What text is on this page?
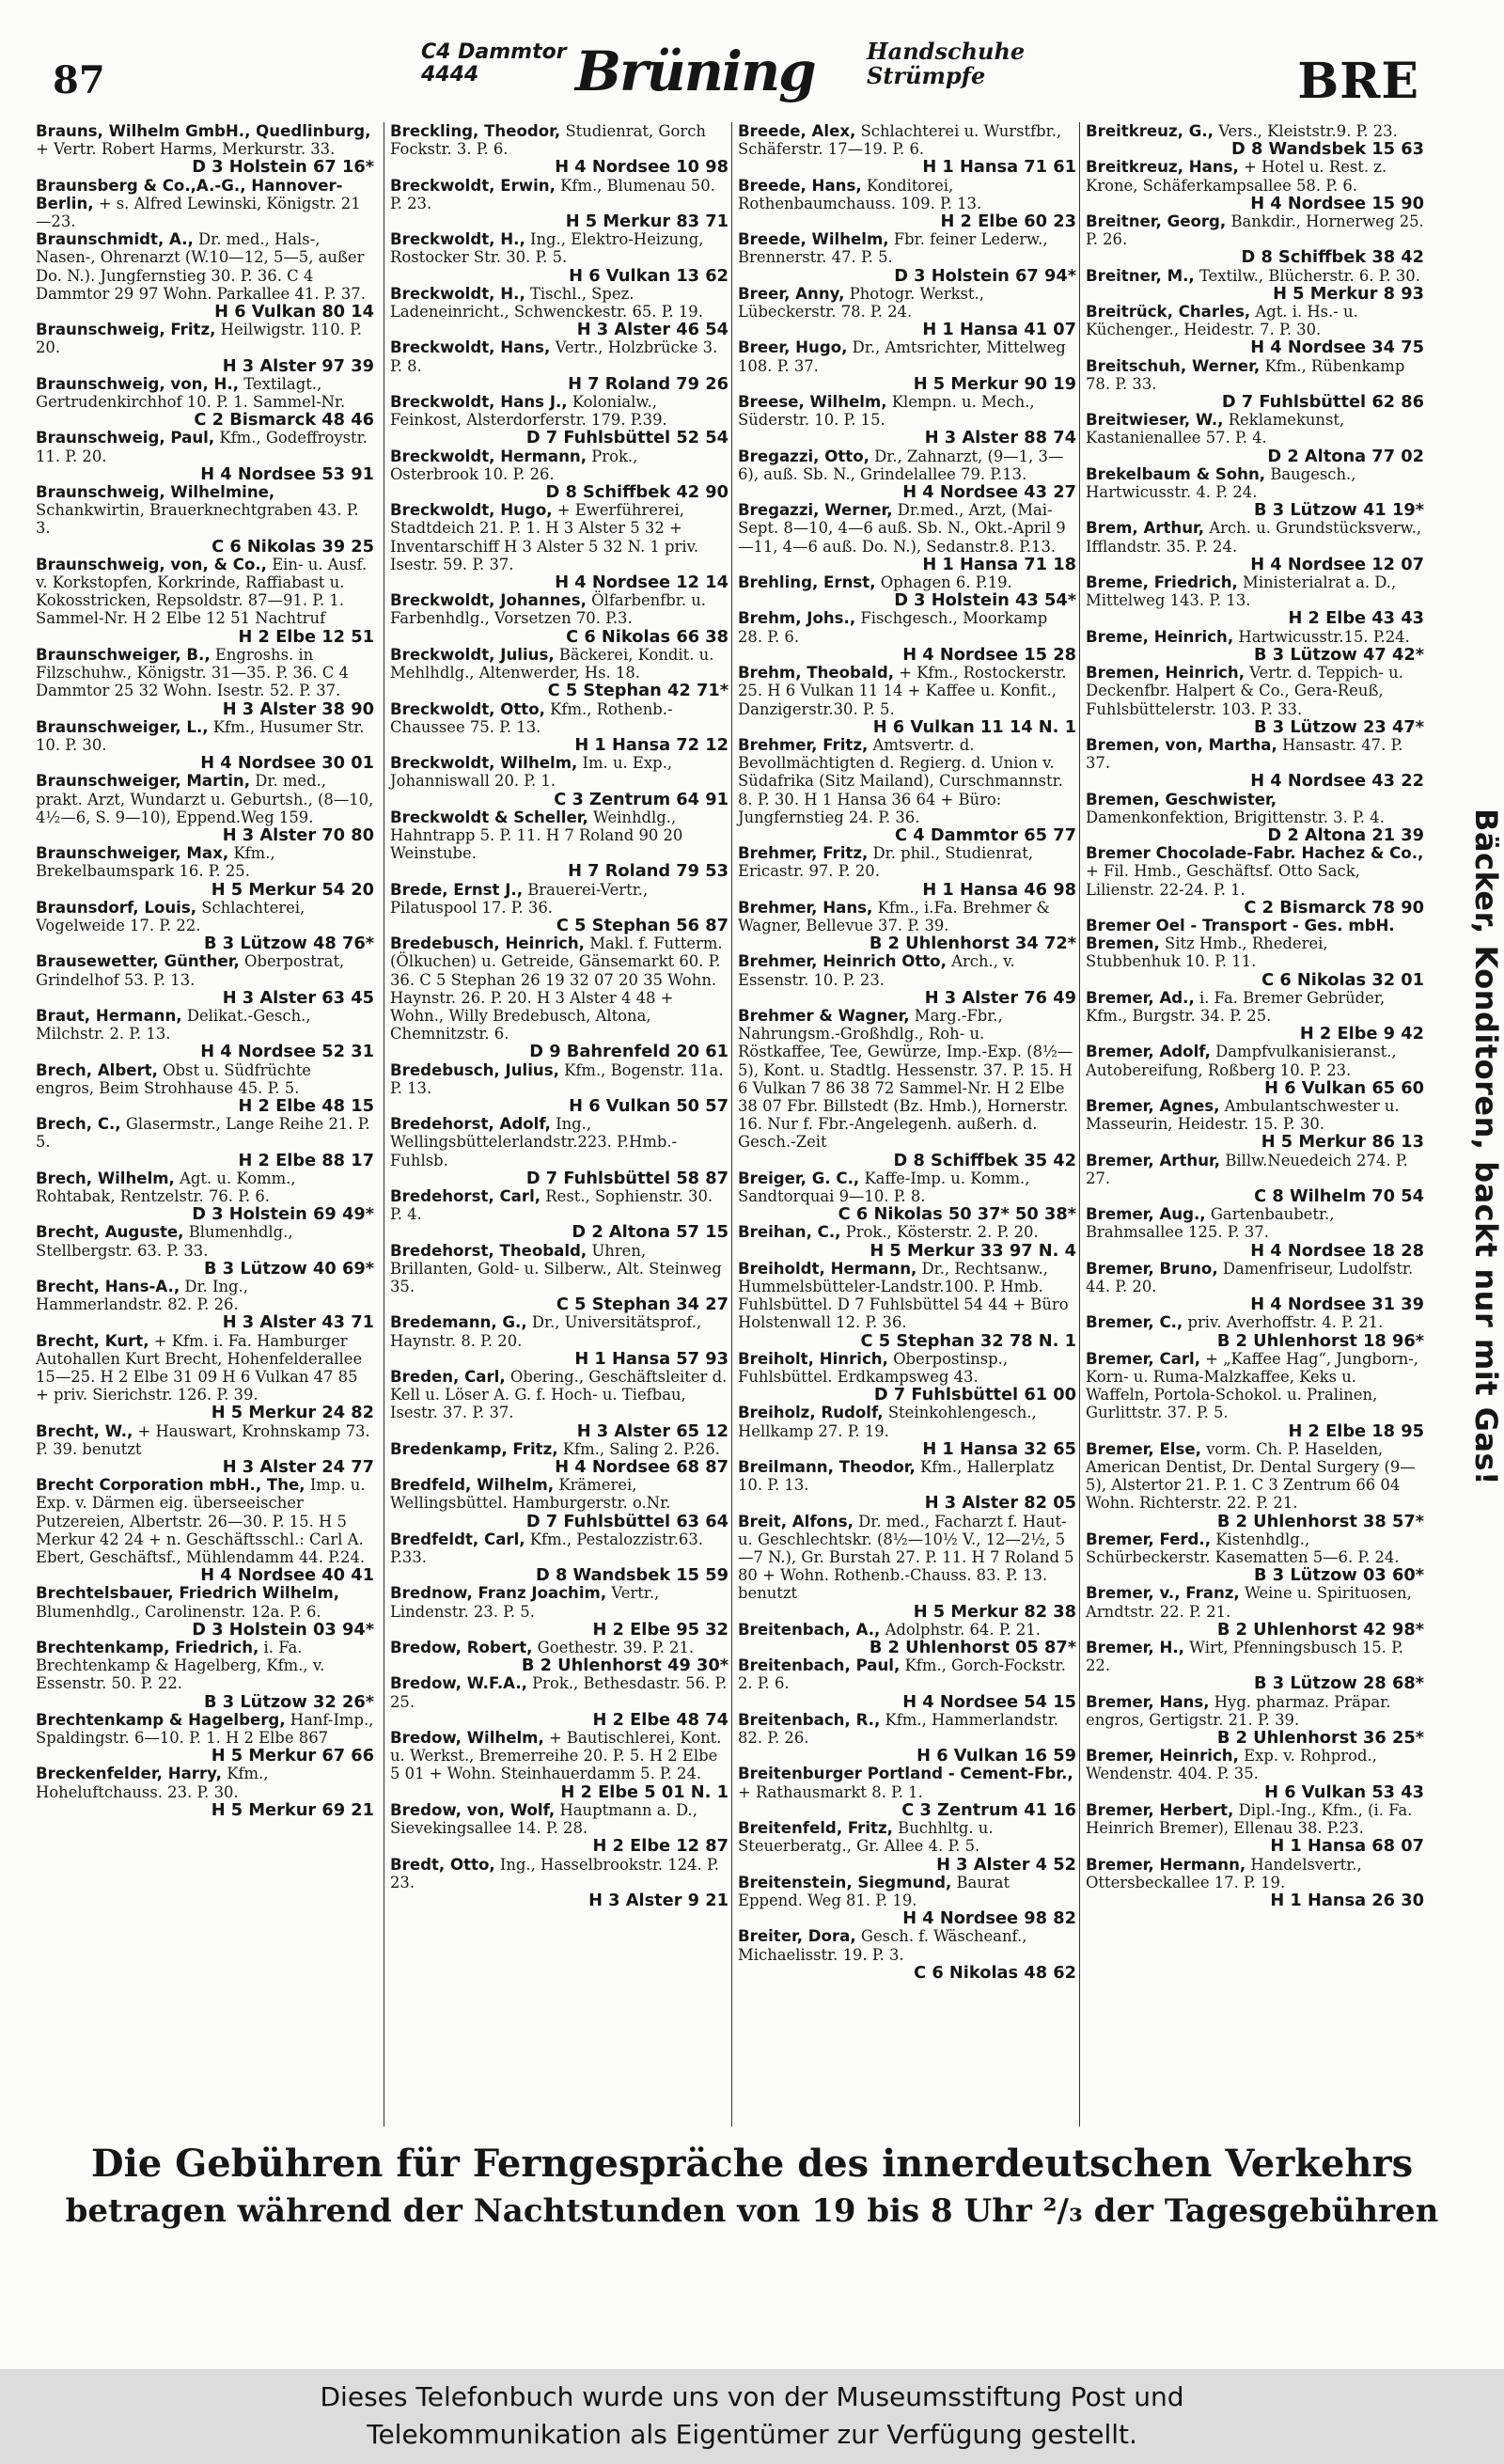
87
C4 Dammtor
4444	Brüning Handschuhe
Strümpfe	BRE
Brauns, Wilhelm GmbH., Quedlinburg, + Vertr. Robert Harms, Merkurstr. 33.
D 3 Holstein 67 16*
Braunsberg & Co.,A.-G., Hannover-Berlin, + s. Alfred Lewinski, Königstr. 21—23.
Braunschmidt, A., Dr. med., Hals-, Nasen-, Ohrenarzt (W.10—12, 5—5, außer Do. N.). Jungfernstieg 30. P. 36. C 4 Dammtor 29 97 Wohn. Parkallee 41. P. 37.
H 6 Vulkan 80 14
Braunschweig, Fritz, Heilwigstr. 110. P. 20.
H 3 Alster 97 39
Braunschweig, von, H., Textilagt., Gertrudenkirchhof 10. P. 1. Sammel-Nr.
C 2 Bismarck 48 46
Braunschweig, Paul, Kfm., Godeffroystr. 11. P. 20.
H 4 Nordsee 53 91
Braunschweig, Wilhelmine, Schankwirtin, Brauerknechtgraben 43. P. 3.
C 6 Nikolas 39 25
Braunschweig, von, & Co., Ein- u. Ausf. v. Korkstopfen, Korkrinde, Raffiabast u. Kokosstricken, Repsoldstr. 87—91. P. 1. Sammel-Nr. H 2 Elbe 12 51 Nachtruf
H 2 Elbe 12 51
Braunschweiger, B., Engroshs. in Filzschuhw., Königstr. 31—35. P. 36. C 4 Dammtor 25 32 Wohn. Isestr. 52. P. 37.
H 3 Alster 38 90
Braunschweiger, L., Kfm., Husumer Str. 10. P. 30.
H 4 Nordsee 30 01
Braunschweiger, Martin, Dr. med., prakt. Arzt, Wundarzt u. Geburtsh., (8—10, 4½—6, S. 9—10), Eppend.Weg 159.
H 3 Alster 70 80
Braunschweiger, Max, Kfm., Brekelbaumspark 16. P. 25.
H 5 Merkur 54 20
Braunsdorf, Louis, Schlachterei, Vogelweide 17. P. 22.
B 3 Lützow 48 76*
Brausewetter, Günther, Oberpostrat, Grindelhof 53. P. 13.
H 3 Alster 63 45
Braut, Hermann, Delikat.-Gesch., Milchstr. 2. P. 13.
H 4 Nordsee 52 31
Brech, Albert, Obst u. Südfrüchte engros, Beim Strohhause 45. P. 5.
H 2 Elbe 48 15
Brech, C., Glasermstr., Lange Reihe 21. P. 5.
H 2 Elbe 88 17
Brech, Wilhelm, Agt. u. Komm., Rohtabak, Rentzelstr. 76. P. 6.
D 3 Holstein 69 49*
Brecht, Auguste, Blumenhdlg., Stellbergstr. 63. P. 33.
B 3 Lützow 40 69*
Brecht, Hans-A., Dr. Ing., Hammerlandstr. 82. P. 26.
H 3 Alster 43 71
Brecht, Kurt, + Kfm. i. Fa. Hamburger Autohallen Kurt Brecht, Hohenfelderallee 15—25. H 2 Elbe 31 09 H 6 Vulkan 47 85 + priv. Sierichstr. 126. P. 39.
H 5 Merkur 24 82
Brecht, W., + Hauswart, Krohnskamp 73. P. 39. benutzt
H 3 Alster 24 77
Brecht Corporation mbH., The, Imp. u. Exp. v. Därmen eig. überseeischer Putzereien, Albertstr. 26—30. P. 15. H 5 Merkur 42 24 + n. Geschäftsschl.: Carl A. Ebert, Geschäftsf., Mühlendamm 44. P.24.
H 4 Nordsee 40 41
Brechtelsbauer, Friedrich Wilhelm, Blumenhdlg., Carolinenstr. 12a. P. 6.
D 3 Holstein 03 94*
Brechtenkamp, Friedrich, i. Fa. Brechtenkamp & Hagelberg, Kfm., v. Essenstr. 50. P. 22.
B 3 Lützow 32 26*
Brechtenkamp & Hagelberg, Hanf-Imp., Spaldingstr. 6—10. P. 1. H 2 Elbe 867
H 5 Merkur 67 66
Breckenfelder, Harry, Kfm., Hoheluftchauss. 23. P. 30.
H 5 Merkur 69 21
Breckling, Theodor, Studienrat, Gorch Fockstr. 3. P. 6.
H 4 Nordsee 10 98
Breckwoldt, Erwin, Kfm., Blumenau 50. P. 23.
H 5 Merkur 83 71
Breckwoldt, H., Ing., Elektro-Heizung, Rostocker Str. 30. P. 5.
H 6 Vulkan 13 62
Breckwoldt, H., Tischl., Spez. Ladeneinricht., Schwenckestr. 65. P. 19.
H 3 Alster 46 54
Breckwoldt, Hans, Vertr., Holzbrücke 3. P. 8.
H 7 Roland 79 26
Breckwoldt, Hans J., Kolonialw., Feinkost, Alsterdorferstr. 179. P.39.
D 7 Fuhlsbüttel 52 54
Breckwoldt, Hermann, Prok., Osterbrook 10. P. 26.
D 8 Schiffbek 42 90
Breckwoldt, Hugo, + Ewerführerei, Stadtdeich 21. P. 1. H 3 Alster 5 32 + Inventarschiff H 3 Alster 5 32 N. 1 priv. Isestr. 59. P. 37.
H 4 Nordsee 12 14
Breckwoldt, Johannes, Ölfarbenfbr. u. Farbenhdlg., Vorsetzen 70. P.3.
C 6 Nikolas 66 38
Breckwoldt, Julius, Bäckerei, Kondit. u. Mehlhdlg., Altenwerder, Hs. 18.
C 5 Stephan 42 71*
Breckwoldt, Otto, Kfm., Rothenb.-Chaussee 75. P. 13.
H 1 Hansa 72 12
Breckwoldt, Wilhelm, Im. u. Exp., Johanniswall 20. P. 1.
C 3 Zentrum 64 91
Breckwoldt & Scheller, Weinhdlg., Hahntrapp 5. P. 11. H 7 Roland 90 20 Weinstube.
H 7 Roland 79 53
Brede, Ernst J., Brauerei-Vertr., Pilatuspool 17. P. 36.
C 5 Stephan 56 87
Bredebusch, Heinrich, Makl. f. Futterm. (Ölkuchen) u. Getreide, Gänsemarkt 60. P. 36. C 5 Stephan 26 19 32 07 20 35 Wohn. Haynstr. 26. P. 20. H 3 Alster 4 48 + Wohn., Willy Bredebusch, Altona, Chemnitzstr. 6.
D 9 Bahrenfeld 20 61
Bredebusch, Julius, Kfm., Bogenstr. 11a. P. 13.
H 6 Vulkan 50 57
Bredehorst, Adolf, Ing., Wellingsbüttelerlandstr.223. P.Hmb.-Fuhlsb.
D 7 Fuhlsbüttel 58 87
Bredehorst, Carl, Rest., Sophienstr. 30. P. 4.
D 2 Altona 57 15
Bredehorst, Theobald, Uhren, Brillanten, Gold- u. Silberw., Alt. Steinweg 35.
C 5 Stephan 34 27
Bredemann, G., Dr., Universitätsprof., Haynstr. 8. P. 20.
H 1 Hansa 57 93
Breden, Carl, Obering., Geschäftsleiter d. Kell u. Löser A. G. f. Hoch- u. Tiefbau, Isestr. 37. P. 37.
H 3 Alster 65 12
Bredenkamp, Fritz, Kfm., Saling 2. P.26.
H 4 Nordsee 68 87
Bredfeld, Wilhelm, Krämerei, Wellingsbüttel. Hamburgerstr. o.Nr.
D 7 Fuhlsbüttel 63 64
Bredfeldt, Carl, Kfm., Pestalozzistr.63. P.33.
D 8 Wandsbek 15 59
Brednow, Franz Joachim, Vertr., Lindenstr. 23. P. 5.
H 2 Elbe 95 32
Bredow, Robert, Goethestr. 39. P. 21.
B 2 Uhlenhorst 49 30*
Bredow, W.F.A., Prok., Bethesdastr. 56. P. 25.
H 2 Elbe 48 74
Bredow, Wilhelm, + Bautischlerei, Kont. u. Werkst., Bremerreihe 20. P. 5. H 2 Elbe 5 01 + Wohn. Steinhauerdamm 5. P. 24.
H 2 Elbe 5 01 N. 1
Bredow, von, Wolf, Hauptmann a. D., Sievekingsallee 14. P. 28.
H 2 Elbe 12 87
Bredt, Otto, Ing., Hasselbrookstr. 124. P. 23.
H 3 Alster 9 21
Breede, Alex, Schlachterei u. Wurstfbr., Schäferstr. 17—19. P. 6.
H 1 Hansa 71 61
Breede, Hans, Konditorei, Rothenbaumchauss. 109. P. 13.
H 2 Elbe 60 23
Breede, Wilhelm, Fbr. feiner Lederw., Brennerstr. 47. P. 5.
D 3 Holstein 67 94*
Breer, Anny, Photogr. Werkst., Lübeckerstr. 78. P. 24.
H 1 Hansa 41 07
Breer, Hugo, Dr., Amtsrichter, Mittelweg 108. P. 37.
H 5 Merkur 90 19
Breese, Wilhelm, Klempn. u. Mech., Süderstr. 10. P. 15.
H 3 Alster 88 74
Bregazzi, Otto, Dr., Zahnarzt, (9—1, 3—6), auß. Sb. N., Grindelallee 79. P.13.
H 4 Nordsee 43 27
Bregazzi, Werner, Dr.med., Arzt, (Mai-Sept. 8—10, 4—6 auß. Sb. N., Okt.-April 9—11, 4—6 auß. Do. N.), Sedanstr.8. P.13.
H 1 Hansa 71 18
Brehling, Ernst, Ophagen 6. P.19.
D 3 Holstein 43 54*
Brehm, Johs., Fischgesch., Moorkamp 28. P. 6.
H 4 Nordsee 15 28
Brehm, Theobald, + Kfm., Rostockerstr. 25. H 6 Vulkan 11 14 + Kaffee u. Konfit., Danzigerstr.30. P. 5.
H 6 Vulkan 11 14 N. 1
Brehmer, Fritz, Amtsvertr. d. Bevollmächtigten d. Regierg. d. Union v. Südafrika (Sitz Mailand), Curschmannstr. 8. P. 30. H 1 Hansa 36 64 + Büro: Jungfernstieg 24. P. 36.
C 4 Dammtor 65 77
Brehmer, Fritz, Dr. phil., Studienrat, Ericastr. 97. P. 20.
H 1 Hansa 46 98
Brehmer, Hans, Kfm., i.Fa. Brehmer & Wagner, Bellevue 37. P. 39.
B 2 Uhlenhorst 34 72*
Brehmer, Heinrich Otto, Arch., v. Essenstr. 10. P. 23.
H 3 Alster 76 49
Brehmer & Wagner, Marg.-Fbr., Nahrungsm.-Großhdlg., Roh- u. Röstkaffee, Tee, Gewürze, Imp.-Exp. (8½—5), Kont. u. Stadtlg. Hessenstr. 37. P. 15. H 6 Vulkan 7 86 38 72 Sammel-Nr. H 2 Elbe 38 07 Fbr. Billstedt (Bz. Hmb.), Hornerstr. 16. Nur f. Fbr.-Angelegenh. außerh. d. Gesch.-Zeit
D 8 Schiffbek 35 42
Breiger, G. C., Kaffe-Imp. u. Komm., Sandtorquai 9—10. P. 8.
C 6 Nikolas 50 37* 50 38*
Breihan, C., Prok., Kösterstr. 2. P. 20.
H 5 Merkur 33 97 N. 4
Breiholdt, Hermann, Dr., Rechtsanw., Hummelsbütteler-Landstr.100. P. Hmb. Fuhlsbüttel. D 7 Fuhlsbüttel 54 44 + Büro Holstenwall 12. P. 36.
C 5 Stephan 32 78 N. 1
Breiholt, Hinrich, Oberpostinsp., Fuhlsbüttel. Erdkampsweg 43.
D 7 Fuhlsbüttel 61 00
Breiholz, Rudolf, Steinkohlengesch., Hellkamp 27. P. 19.
H 1 Hansa 32 65
Breilmann, Theodor, Kfm., Hallerplatz 10. P. 13.
H 3 Alster 82 05
Breit, Alfons, Dr. med., Facharzt f. Haut- u. Geschlechtskr. (8½—10½ V., 12—2½, 5—7 N.), Gr. Burstah 27. P. 11. H 7 Roland 5 80 + Wohn. Rothenb.-Chauss. 83. P. 13. benutzt
H 5 Merkur 82 38
Breitenbach, A., Adolphstr. 64. P. 21.
B 2 Uhlenhorst 05 87*
Breitenbach, Paul, Kfm., Gorch-Fockstr. 2. P. 6.
H 4 Nordsee 54 15
Breitenbach, R., Kfm., Hammerlandstr. 82. P. 26.
H 6 Vulkan 16 59
Breitenburger Portland - Cement-Fbr., + Rathausmarkt 8. P. 1.
C 3 Zentrum 41 16
Breitenfeld, Fritz, Buchhltg. u. Steuerberatg., Gr. Allee 4. P. 5.
H 3 Alster 4 52
Breitenstein, Siegmund, Baurat Eppend. Weg 81. P. 19.
H 4 Nordsee 98 82
Breiter, Dora, Gesch. f. Wäscheanf., Michaelisstr. 19. P. 3.
C 6 Nikolas 48 62
Breitkreuz, G., Vers., Kleiststr.9. P. 23.
D 8 Wandsbek 15 63
Breitkreuz, Hans, + Hotel u. Rest. z. Krone, Schäferkampsallee 58. P. 6.
H 4 Nordsee 15 90
Breitner, Georg, Bankdir., Hornerweg 25. P. 26.
D 8 Schiffbek 38 42
Breitner, M., Textilw., Blücherstr. 6. P. 30.
H 5 Merkur 8 93
Breitrück, Charles, Agt. i. Hs.- u. Küchenger., Heidestr. 7. P. 30.
H 4 Nordsee 34 75
Breitschuh, Werner, Kfm., Rübenkamp 78. P. 33.
D 7 Fuhlsbüttel 62 86
Breitwieser, W., Reklamekunst, Kastanienallee 57. P. 4.
D 2 Altona 77 02
Brekelbaum & Sohn, Baugesch., Hartwicusstr. 4. P. 24.
B 3 Lützow 41 19*
Brem, Arthur, Arch. u. Grundstücksverw., Ifflandstr. 35. P. 24.
H 4 Nordsee 12 07
Breme, Friedrich, Ministerialrat a. D., Mittelweg 143. P. 13.
H 2 Elbe 43 43
Breme, Heinrich, Hartwicusstr.15. P.24.
B 3 Lützow 47 42*
Bremen, Heinrich, Vertr. d. Teppich- u. Deckenfbr. Halpert & Co., Gera-Reuß, Fuhlsbüttelerstr. 103. P. 33.
B 3 Lützow 23 47*
Bremen, von, Martha, Hansastr. 47. P. 37.
H 4 Nordsee 43 22
Bremen, Geschwister, Damenkonfektion, Brigittenstr. 3. P. 4.
D 2 Altona 21 39
Bremer Chocolade-Fabr. Hachez & Co., + Fil. Hmb., Geschäftsf. Otto Sack, Lilienstr. 22-24. P. 1.
C 2 Bismarck 78 90
Bremer Oel - Transport - Ges. mbH. Bremen, Sitz Hmb., Rhederei, Stubbenhuk 10. P. 11.
C 6 Nikolas 32 01
Bremer, Ad., i. Fa. Bremer Gebrüder, Kfm., Burgstr. 34. P. 25.
H 2 Elbe 9 42
Bremer, Adolf, Dampfvulkanisieranst., Autobereifung, Roßberg 10. P. 23.
H 6 Vulkan 65 60
Bremer, Agnes, Ambulantschwester u. Masseurin, Heidestr. 15. P. 30.
H 5 Merkur 86 13
Bremer, Arthur, Billw.Neuedeich 274. P. 27.
C 8 Wilhelm 70 54
Bremer, Aug., Gartenbaubetr., Brahmsallee 125. P. 37.
H 4 Nordsee 18 28
Bremer, Bruno, Damenfriseur, Ludolfstr. 44. P. 20.
H 4 Nordsee 31 39
Bremer, C., priv. Averhoffstr. 4. P. 21.
B 2 Uhlenhorst 18 96*
Bremer, Carl, + „Kaffee Hag“, Jungborn-, Korn- u. Ruma-Malzkaffee, Keks u. Waffeln, Portola-Schokol. u. Pralinen, Gurlittstr. 37. P. 5.
H 2 Elbe 18 95
Bremer, Else, vorm. Ch. P. Haselden, American Dentist, Dr. Dental Surgery (9—5), Alstertor 21. P. 1. C 3 Zentrum 66 04 Wohn. Richterstr. 22. P. 21.
B 2 Uhlenhorst 38 57*
Bremer, Ferd., Kistenhdlg., Schürbeckerstr. Kasematten 5—6. P. 24.
B 3 Lützow 03 60*
Bremer, v., Franz, Weine u. Spirituosen, Arndtstr. 22. P. 21.
B 2 Uhlenhorst 42 98*
Bremer, H., Wirt, Pfenningsbusch 15. P. 22.
B 3 Lützow 28 68*
Bremer, Hans, Hyg. pharmaz. Präpar. engros, Gertigstr. 21. P. 39.
B 2 Uhlenhorst 36 25*
Bremer, Heinrich, Exp. v. Rohprod., Wendenstr. 404. P. 35.
H 6 Vulkan 53 43
Bremer, Herbert, Dipl.-Ing., Kfm., (i. Fa. Heinrich Bremer), Ellenau 38. P.23.
H 1 Hansa 68 07
Bremer, Hermann, Handelsvertr., Ottersbeckallee 17. P. 19.
H 1 Hansa 26 30
Bäcker, Konditoren, backt nur mit Gas!
Die Gebühren für Ferngespräche des innerdeutschen Verkehrs
betragen während der Nachtstunden von 19 bis 8 Uhr ²/₃ der Tagesgebühren
Dieses Telefonbuch wurde uns von der Museumsstiftung Post und
Telekommunikation als Eigentümer zur Verfügung gestellt.
